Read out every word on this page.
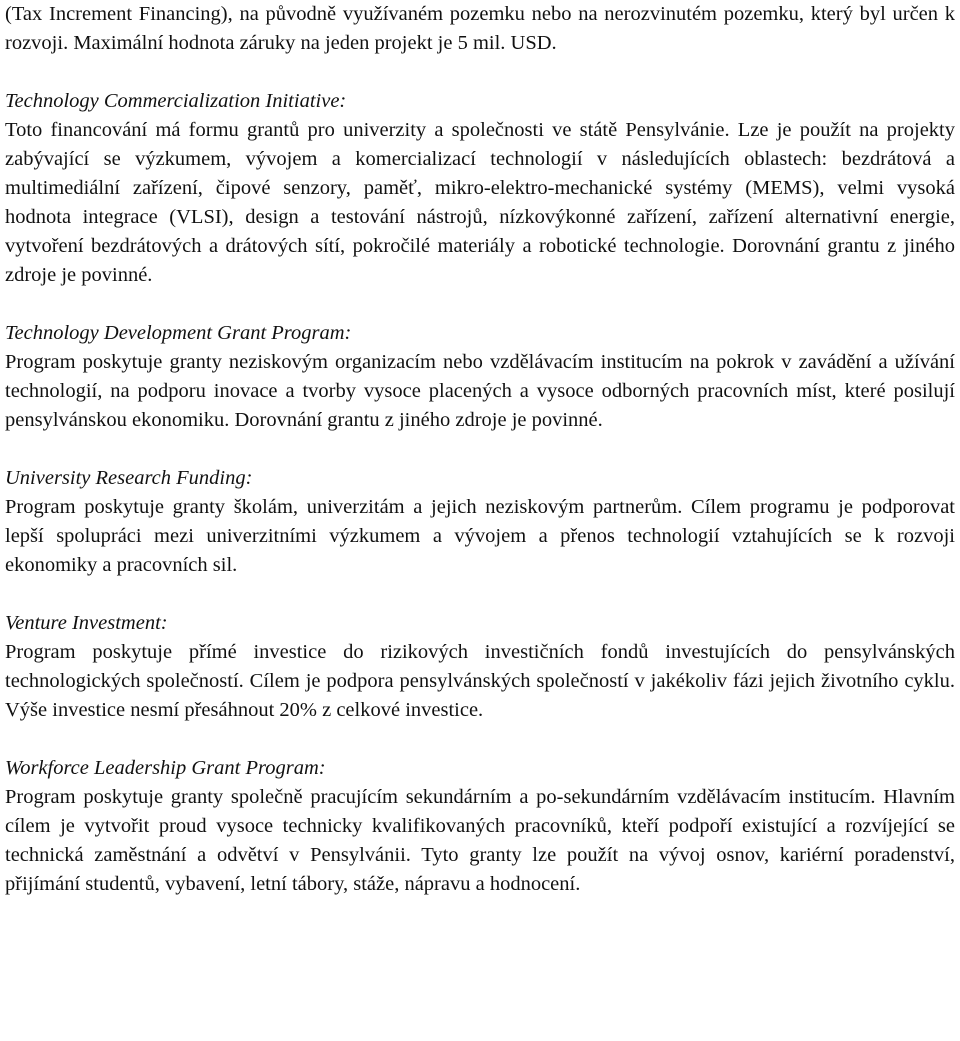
(Tax Increment Financing), na původně využívaném pozemku nebo na nerozvinutém pozemku, který byl určen k rozvoji. Maximální hodnota záruky na jeden projekt je 5 mil. USD.

Technology Commercialization Initiative:

Toto financování má formu grantů pro univerzity a společnosti ve státě Pensylvánie. Lze je použít na projekty zabývající se výzkumem, vývojem a komercializací technologií v následujících oblastech: bezdrátová a multimediální zařízení, čipové senzory, paměť, mikro-elektro-mechanické systémy (MEMS), velmi vysoká hodnota integrace (VLSI), design a testování nástrojů, nízkovýkonné zařízení, zařízení alternativní energie, vytvoření bezdrátových a drátových sítí, pokročilé materiály a robotické technologie. Dorovnání grantu z jiného zdroje je povinné.

Technology Development Grant Program:

Program poskytuje granty neziskovým organizacím nebo vzdělávacím institucím na pokrok v zavádění a užívání technologií, na podporu inovace a tvorby vysoce placených a vysoce odborných pracovních míst, které posilují pensylvánskou ekonomiku. Dorovnání grantu z jiného zdroje je povinné.

University Research Funding:

Program poskytuje granty školám, univerzitám a jejich neziskovým partnerům. Cílem programu je podporovat lepší spolupráci mezi univerzitními výzkumem a vývojem a přenos technologií vztahujících se k rozvoji ekonomiky a pracovních sil.

Venture Investment:

Program poskytuje přímé investice do rizikových investičních fondů investujících do pensylvánských technologických společností. Cílem je podpora pensylvánských společností v jakékoliv fázi jejich životního cyklu. Výše investice nesmí přesáhnout 20% z celkové investice.

Workforce Leadership Grant Program:

Program poskytuje granty společně pracujícím sekundárním a po-sekundárním vzdělávacím institucím. Hlavním cílem je vytvořit proud vysoce technicky kvalifikovaných pracovníků, kteří podpoří existující a rozvíjející se technická zaměstnání a odvětví v Pensylvánii. Tyto granty lze použít na vývoj osnov, kariérní poradenství, přijímání studentů, vybavení, letní tábory, stáže, nápravu a hodnocení.
